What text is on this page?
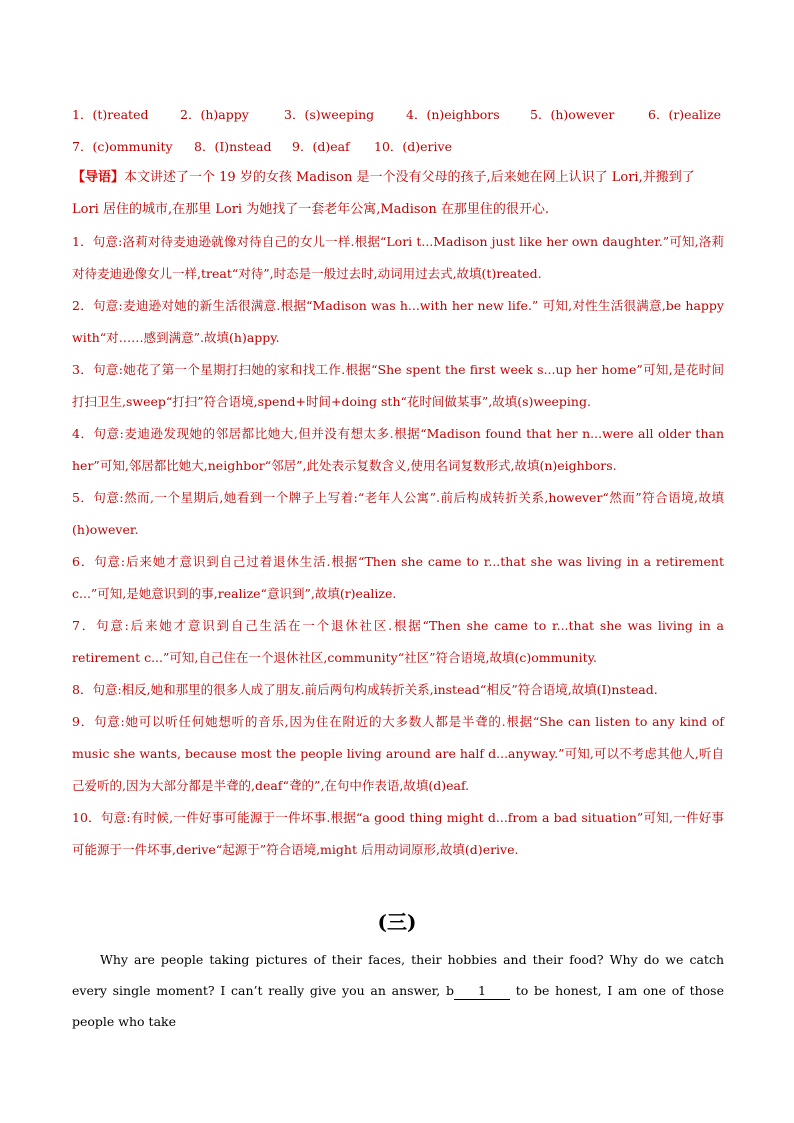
1．(t)reated	2．(h)appy	3．(s)weeping	4．(n)eighbors 5．(h)owever	6．(r)ealize
7．(c)ommunity 8．(I)nstead 9．(d)eaf 10．(d)erive
【导语】本文讲述了一个 19 岁的女孩 Madison 是一个没有父母的孩子,后来她在网上认识了 Lori,并搬到了 Lori 居住的城市,在那里 Lori 为她找了一套老年公寓,Madison 在那里住的很开心.

1．句意:洛莉对待麦迪逊就像对待自己的女儿一样.根据“Lori t...Madison just like her own daughter.”可知,洛莉对待麦迪逊像女儿一样,treat“对待”,时态是一般过去时,动词用过去式,故填(t)reated.

2．句意:麦迪逊对她的新生活很满意.根据“Madison was h...with her new life.” 可知,对性生活很满意,be happy with“对……感到满意”.故填(h)appy.

3．句意:她花了第一个星期打扫她的家和找工作.根据“She spent the first week s...up her home”可知,是花时间打扫卫生,sweep“打扫”符合语境,spend+时间+doing sth“花时间做某事”,故填(s)weeping.

4．句意:麦迪逊发现她的邻居都比她大,但并没有想太多.根据“Madison found that her n...were all older than her”可知,邻居都比她大,neighbor“邻居”,此处表示复数含义,使用名词复数形式,故填(n)eighbors.

5．句意:然而,一个星期后,她看到一个牌子上写着:“老年人公寓”.前后构成转折关系,however“然而”符合语境,故填(h)owever.

6．句意:后来她才意识到自己过着退休生活.根据“Then she came to r...that she was living in a retirement c...”可知,是她意识到的事,realize“意识到”,故填(r)ealize.

7．句意:后来她才意识到自己生活在一个退休社区.根据“Then she came to r...that she was living in a retirement c...”可知,自己住在一个退休社区,community“社区”符合语境,故填(c)ommunity.

8．句意:相反,她和那里的很多人成了朋友.前后两句构成转折关系,instead“相反”符合语境,故填(I)nstead.

9．句意:她可以听任何她想听的音乐,因为住在附近的大多数人都是半聋的.根据“She can listen to any kind of music she wants, because most the people living around are half d...anyway.”可知,可以不考虑其他人,听自己爱听的,因为大部分都是半聋的,deaf“聋的”,在句中作表语,故填(d)eaf.

10．句意:有时候,一件好事可能源于一件坏事.根据“a good thing might d...from a bad situation”可知,一件好事可能源于一件坏事,derive“起源于”符合语境,might 后用动词原形,故填(d)erive.

(三)
Why are people taking pictures of their faces, their hobbies and their food? Why do we catch every single moment? I can’t really give you an answer, b 1 to be honest, I am one of those people who take
